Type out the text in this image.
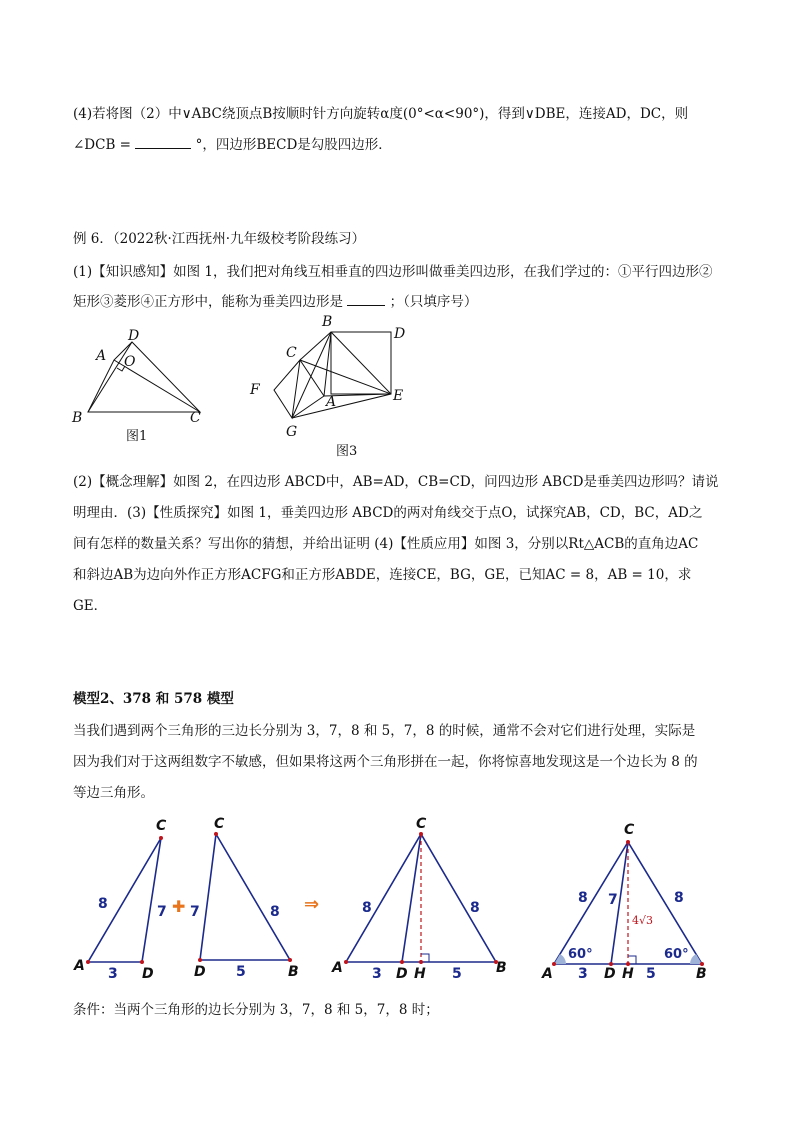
(4)若将图（2）中∨ABC绕顶点B按顺时针方向旋转α度(0°<α<90°)，得到∨DBE，连接AD，DC，则
∠DCB =	°，四边形BECD是勾股四边形．
例 6．（2022秋·江西抚州·九年级校考阶段练习）
(1)【知识感知】如图 1，我们把对角线互相垂直的四边形叫做垂美四边形，在我们学过的：①平行四边形②
矩形③菱形④正方形中，能称为垂美四边形是	；（只填序号）
A
D
O
B	C
图1
B
D
C
F
A	E
G
图3
(2)【概念理解】如图 2，在四边形 ABCD中，AB=AD，CB=CD，问四边形 ABCD是垂美四边形吗？请说
明理由．(3)【性质探究】如图 1，垂美四边形 ABCD的两对角线交于点O，试探究AB，CD，BC，AD之
间有怎样的数量关系？写出你的猜想，并给出证明 (4)【性质应用】如图 3，分别以Rt△ACB的直角边AC
和斜边AB为边向外作正方形ACFG和正方形ABDE，连接CE，BG，GE，已知AC = 8，AB = 10，求
GE．
模型2、378 和 578 模型
当我们遇到两个三角形的三边长分别为 3，7，8 和 5，7，8 的时候，通常不会对它们进行处理，实际是
因为我们对于这两组数字不敏感，但如果将这两个三角形拼在一起，你将惊喜地发现这是一个边长为 8 的
等边三角形。
C
A	D
8	7
3
✚
C
D	B
7	8
5
⇒
C
A	D H	B
8	8
3	5
C
A	D H	B
8 7	8
3	5
4√3
60°	60°
条件：当两个三角形的边长分别为 3，7，8 和 5，7，8 时；
